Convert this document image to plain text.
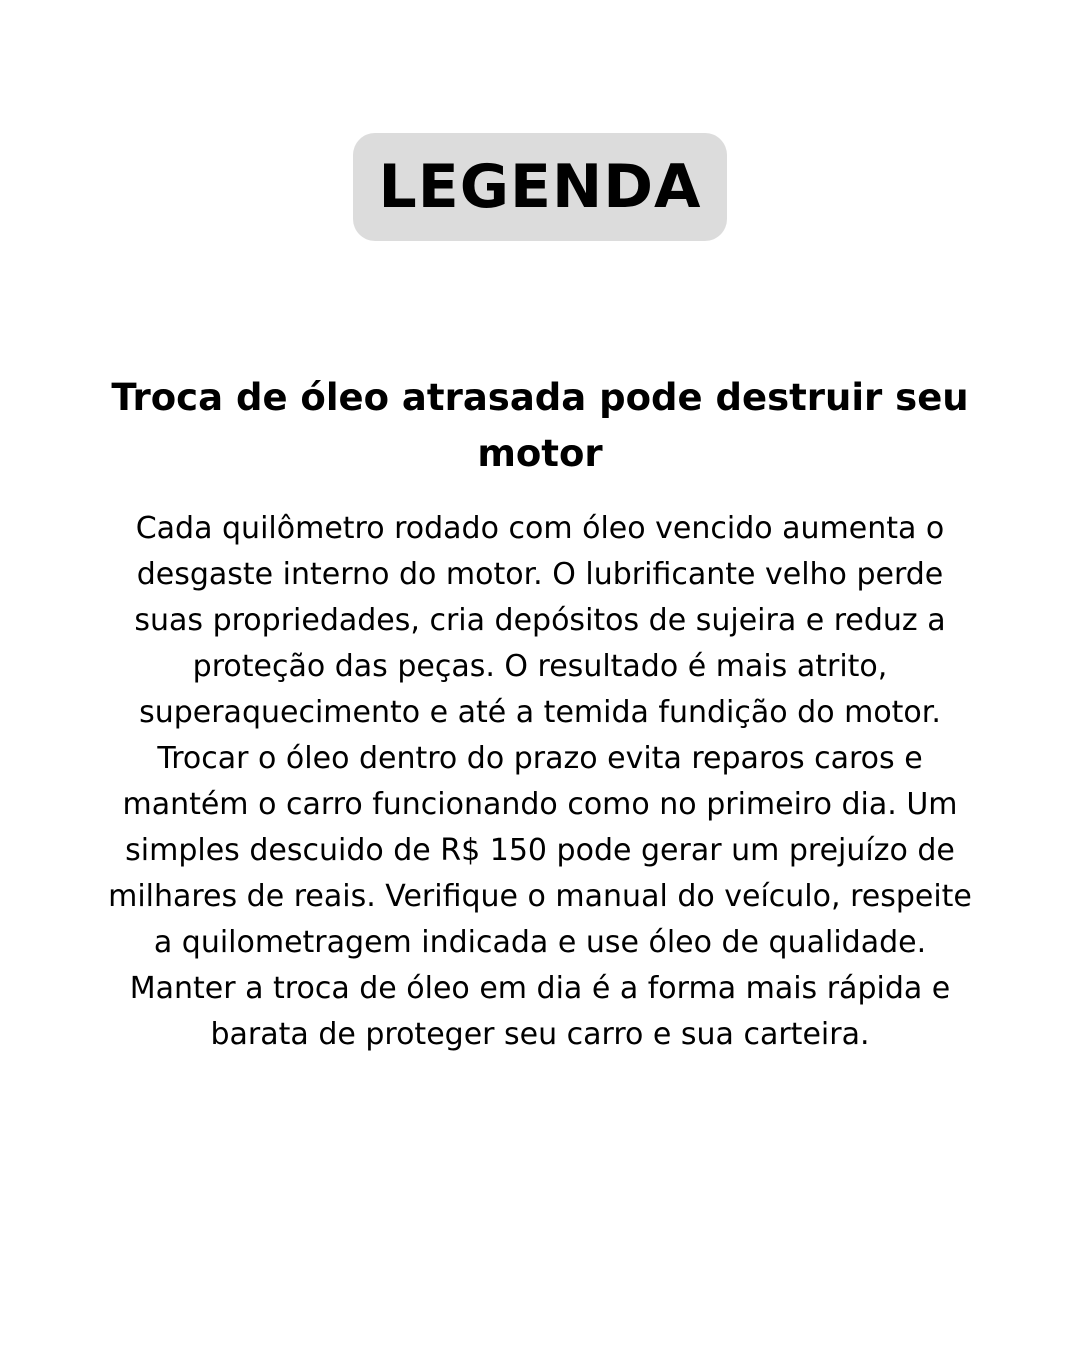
LEGENDA
Troca de óleo atrasada pode destruir seu motor

Cada quilômetro rodado com óleo vencido aumenta o desgaste interno do motor. O lubrificante velho perde suas propriedades, cria depósitos de sujeira e reduz a proteção das peças. O resultado é mais atrito, superaquecimento e até a temida fundição do motor. Trocar o óleo dentro do prazo evita reparos caros e mantém o carro funcionando como no primeiro dia. Um simples descuido de R$ 150 pode gerar um prejuízo de milhares de reais. Verifique o manual do veículo, respeite a quilometragem indicada e use óleo de qualidade. Manter a troca de óleo em dia é a forma mais rápida e barata de proteger seu carro e sua carteira.
